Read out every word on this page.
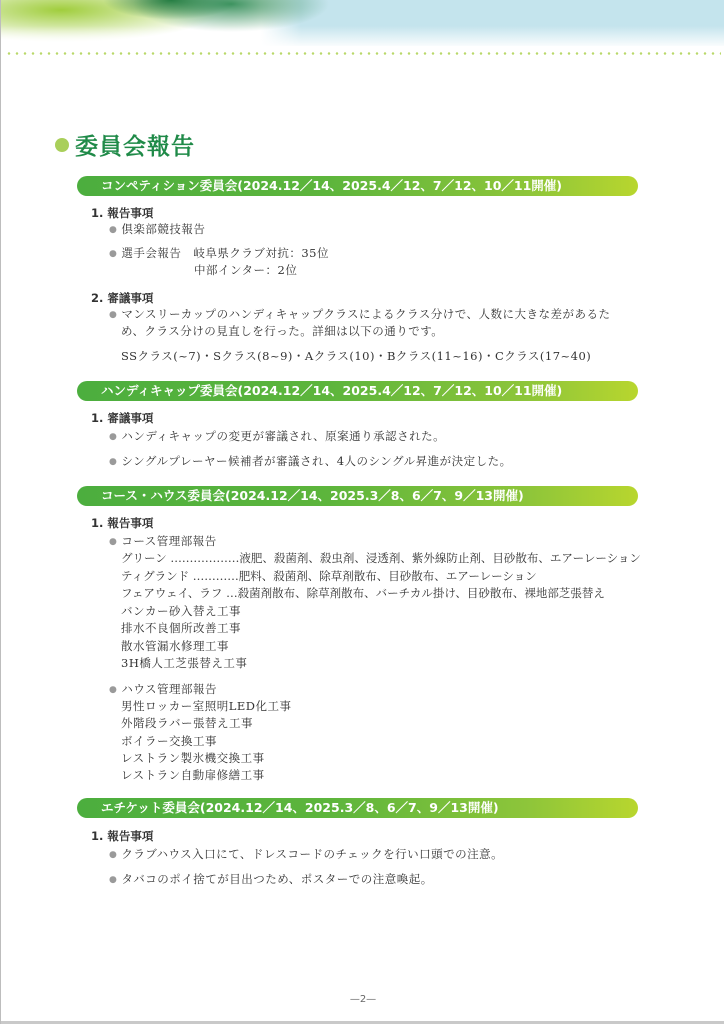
委員会報告
コンペティション委員会(2024.12／14、2025.4／12、7／12、10／11開催)
1. 報告事項
● 倶楽部競技報告
● 選手会報告　岐阜県クラブ対抗：35位
中部インター：2位
2. 審議事項
● マンスリーカップのハンディキャップクラスによるクラス分けで、人数に大きな差があるた
め、クラス分けの見直しを行った。詳細は以下の通りです。
SSクラス(~7)・Sクラス(8~9)・Aクラス(10)・Bクラス(11~16)・Cクラス(17~40)
ハンディキャップ委員会(2024.12／14、2025.4／12、7／12、10／11開催)
1. 審議事項
● ハンディキャップの変更が審議され、原案通り承認された。
● シングルプレーヤー候補者が審議され、4人のシングル昇進が決定した。
コース・ハウス委員会(2024.12／14、2025.3／8、6／7、9／13開催)
1. 報告事項
● コース管理部報告
グリーン ………………液肥、殺菌剤、殺虫剤、浸透剤、紫外線防止剤、目砂散布、エアーレーション
ティグランド …………肥料、殺菌剤、除草剤散布、目砂散布、エアーレーション
フェアウェイ、ラフ …殺菌剤散布、除草剤散布、バーチカル掛け、目砂散布、裸地部芝張替え
バンカー砂入替え工事
排水不良個所改善工事
散水管漏水修理工事
3H橋人工芝張替え工事
● ハウス管理部報告
男性ロッカー室照明LED化工事
外階段ラバー張替え工事
ボイラー交換工事
レストラン製氷機交換工事
レストラン自動扉修繕工事
エチケット委員会(2024.12／14、2025.3／8、6／7、9／13開催)
1. 報告事項
● クラブハウス入口にて、ドレスコードのチェックを行い口頭での注意。
● タバコのポイ捨てが目出つため、ポスターでの注意喚起。
—2—
